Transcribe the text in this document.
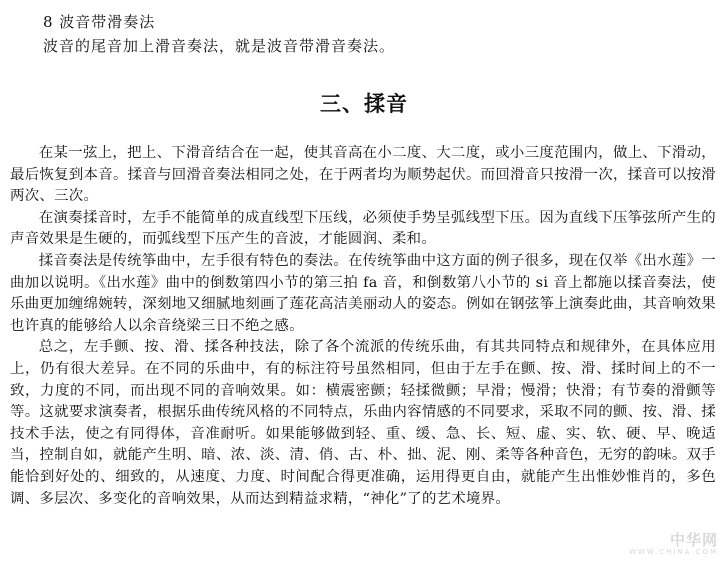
8 波音带滑奏法
波音的尾音加上滑音奏法，就是波音带滑音奏法。
三、揉音

在某一弦上，把上、下滑音结合在一起，使其音高在小二度、大二度，或小三度范围内，做上、下滑动，最后恢复到本音。揉音与回滑音奏法相同之处，在于两者均为顺势起伏。而回滑音只按滑一次，揉音可以按滑两次、三次。

在演奏揉音时，左手不能简单的成直线型下压线，必须使手势呈弧线型下压。因为直线下压筝弦所产生的声音效果是生硬的，而弧线型下压产生的音波，才能圆润、柔和。

揉音奏法是传统筝曲中，左手很有特色的奏法。在传统筝曲中这方面的例子很多，现在仅举《出水莲》一曲加以说明。《出水莲》曲中的倒数第四小节的第三拍 fa 音，和倒数第八小节的 si 音上都施以揉音奏法，使乐曲更加缠绵婉转，深刻地又细腻地刻画了莲花高洁美丽动人的姿态。例如在钢弦筝上演奏此曲，其音响效果也许真的能够给人以余音绕梁三日不绝之感。

总之，左手颤、按、滑、揉各种技法，除了各个流派的传统乐曲，有其共同特点和规律外，在具体应用上，仍有很大差异。在不同的乐曲中，有的标注符号虽然相同，但由于左手在颤、按、滑、揉时间上的不一致，力度的不同，而出现不同的音响效果。如：横震密颤；轻揉微颤；早滑；慢滑；快滑；有节奏的滑颤等等。这就要求演奏者，根据乐曲传统风格的不同特点，乐曲内容情感的不同要求，采取不同的颤、按、滑、揉技术手法，使之有同得体，音准耐听。如果能够做到轻、重、缓、急、长、短、虚、实、软、硬、早、晚适当，控制自如，就能产生明、暗、浓、淡、清、俏、古、朴、拙、泥、刚、柔等各种音色，无穷的韵味。双手能恰到好处的、细致的，从速度、力度、时间配合得更准确，运用得更自由，就能产生出惟妙惟肖的，多色调、多层次、多变化的音响效果，从而达到精益求精，“神化”了的艺术境界。

中华网
WWW.CHINA.COM
